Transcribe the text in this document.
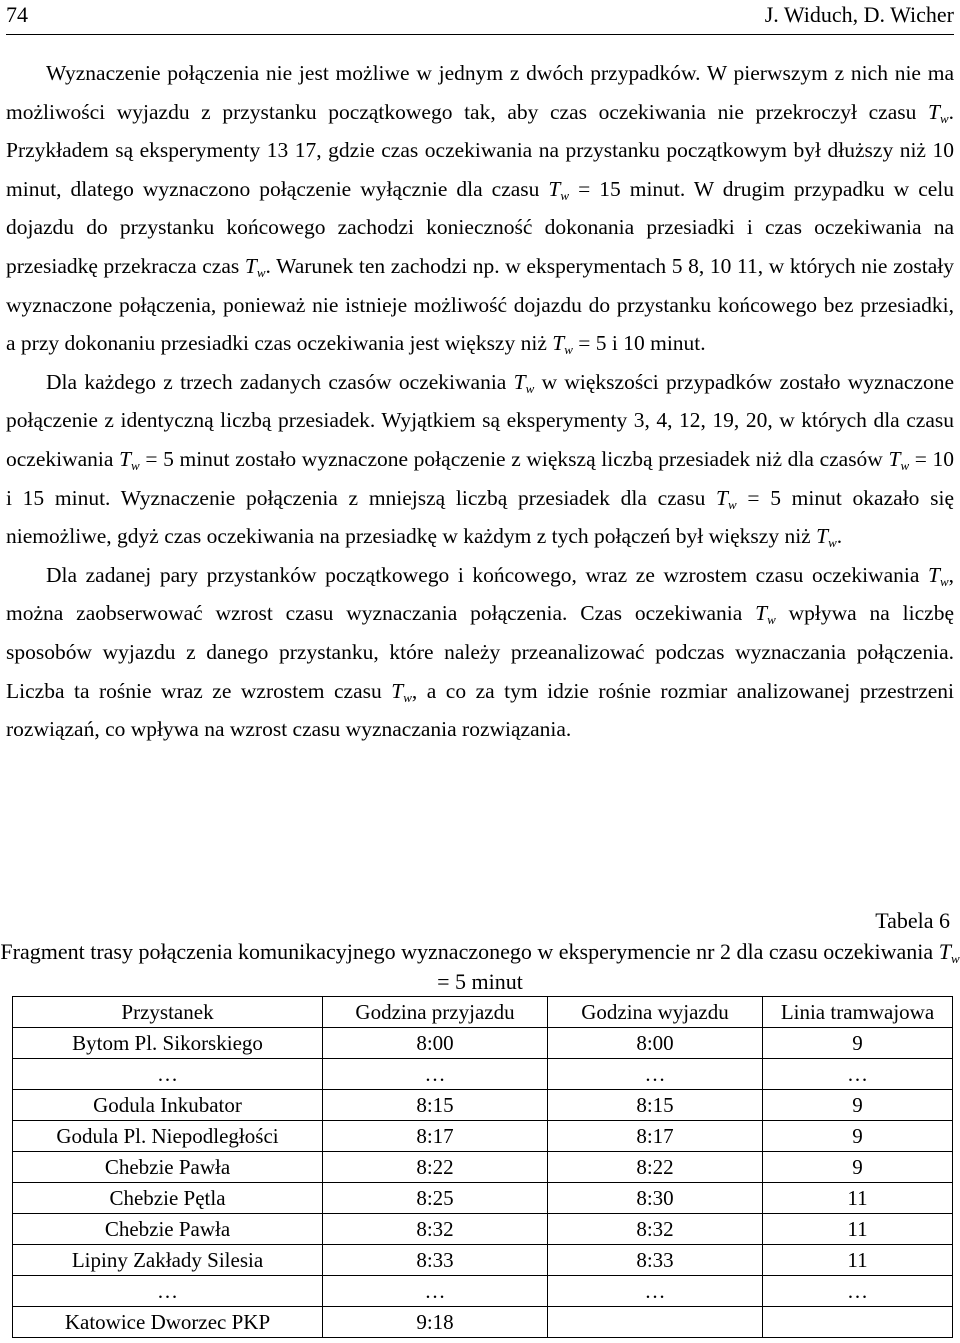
74	J. Widuch, D. Wicher

Wyznaczenie połączenia nie jest możliwe w jednym z dwóch przypadków. W pierwszym z nich nie ma możliwości wyjazdu z przystanku początkowego tak, aby czas oczekiwania nie przekroczył czasu $T_w$. Przykładem są eksperymenty 13 17, gdzie czas oczekiwania na przystanku początkowym był dłuższy niż 10 minut, dlatego wyznaczono połączenie wyłącznie dla czasu $T_w = 15$ minut. W drugim przypadku w celu dojazdu do przystanku końcowego zachodzi konieczność dokonania przesiadki i czas oczekiwania na przesiadkę przekracza czas $T_w$. Warunek ten zachodzi np. w eksperymentach 5 8, 10 11, w których nie zostały wyznaczone połączenia, ponieważ nie istnieje możliwość dojazdu do przystanku końcowego bez przesiadki, a przy dokonaniu przesiadki czas oczekiwania jest większy niż $T_w = 5$ i 10 minut.

Dla każdego z trzech zadanych czasów oczekiwania $T_w$ w większości przypadków zostało wyznaczone połączenie z identyczną liczbą przesiadek. Wyjątkiem są eksperymenty 3, 4, 12, 19, 20, w których dla czasu oczekiwania $T_w = 5$ minut zostało wyznaczone połączenie z większą liczbą przesiadek niż dla czasów $T_w = 10$ i 15 minut. Wyznaczenie połączenia z mniejszą liczbą przesiadek dla czasu $T_w = 5$ minut okazało się niemożliwe, gdyż czas oczekiwania na przesiadkę w każdym z tych połączeń był większy niż $T_w$.

Dla zadanej pary przystanków początkowego i końcowego, wraz ze wzrostem czasu oczekiwania $T_w$, można zaobserwować wzrost czasu wyznaczania połączenia. Czas oczekiwania $T_w$ wpływa na liczbę sposobów wyjazdu z danego przystanku, które należy przeanalizować podczas wyznaczania połączenia. Liczba ta rośnie wraz ze wzrostem czasu $T_w$, a co za tym idzie rośnie rozmiar analizowanej przestrzeni rozwiązań, co wpływa na wzrost czasu wyznaczania rozwiązania.

Tabela 6
Fragment trasy połączenia komunikacyjnego wyznaczonego w eksperymencie nr 2 dla czasu oczekiwania $T_w = 5$ minut
Przystanek	Godzina przyjazdu	Godzina wyjazdu	Linia tramwajowa
Bytom Pl. Sikorskiego	8:00	8:00	9
…	…	…	…
Godula Inkubator	8:15	8:15	9
Godula Pl. Niepodległości	8:17	8:17	9
Chebzie Pawła	8:22	8:22	9
Chebzie Pętla	8:25	8:30	11
Chebzie Pawła	8:32	8:32	11
Lipiny Zakłady Silesia	8:33	8:33	11
…	…	…	…
Katowice Dworzec PKP	9:18		
